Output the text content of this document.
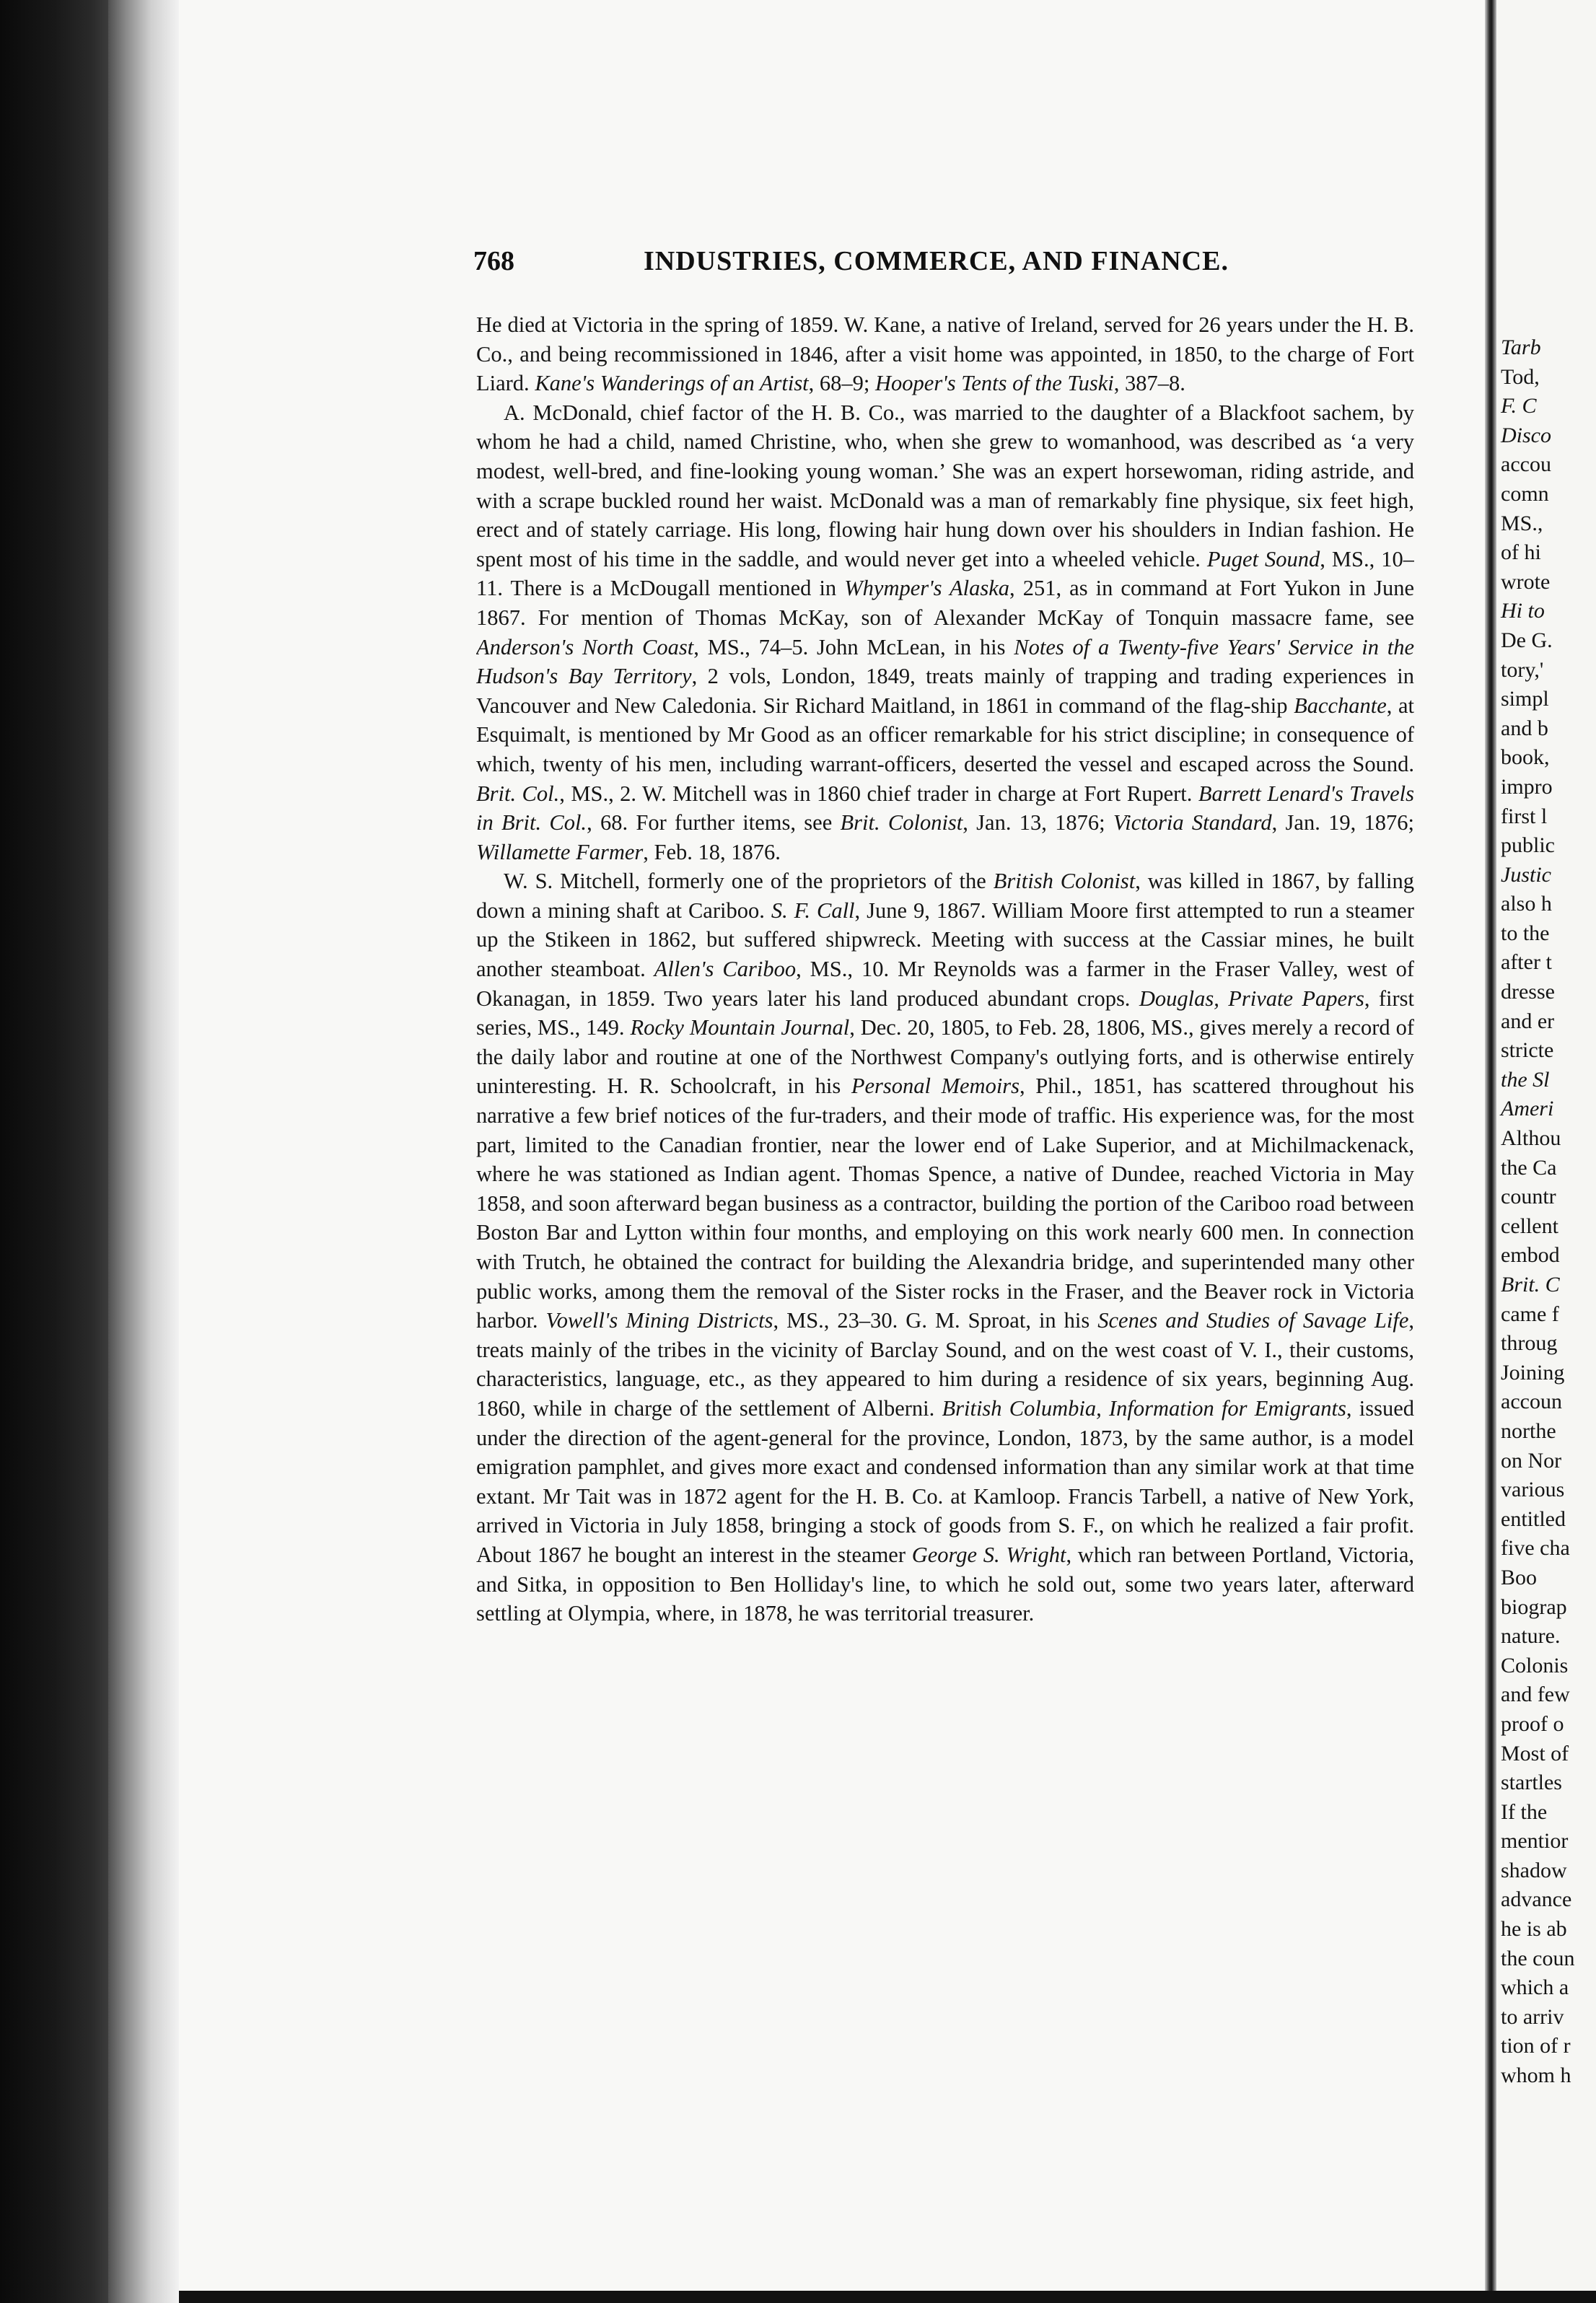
Tarb
Tod,
F. C
Disco
accou
comn
MS.,
of hi
wrote
Hi to
De G.
tory,'
simpl
and b
book,
impro
first l
public
Justic
also h
to the
after t
dresse
and er
stricte
the Sl
Ameri
Althou
the Ca
countr
cellent
embod
Brit. C
came f
throug
Joining
accoun
northe
on Nor
various
entitled
five cha
Boo
biograp
nature.
Colonis
and few
proof o
Most of
startles
If the
mentior
shadow
advance
he is ab
the coun
which a
to arriv
tion of r
whom h
768	INDUSTRIES, COMMERCE, AND FINANCE.

He died at Victoria in the spring of 1859. W. Kane, a native of Ireland, served for 26 years under the H. B. Co., and being recommissioned in 1846, after a visit home was appointed, in 1850, to the charge of Fort Liard. Kane's Wanderings of an Artist, 68–9; Hooper's Tents of the Tuski, 387–8.

A. McDonald, chief factor of the H. B. Co., was married to the daughter of a Blackfoot sachem, by whom he had a child, named Christine, who, when she grew to womanhood, was described as ‘a very modest, well-bred, and fine-looking young woman.’ She was an expert horsewoman, riding astride, and with a scrape buckled round her waist. McDonald was a man of remarkably fine physique, six feet high, erect and of stately carriage. His long, flowing hair hung down over his shoulders in Indian fashion. He spent most of his time in the saddle, and would never get into a wheeled vehicle. Puget Sound, MS., 10–11. There is a McDougall mentioned in Whymper's Alaska, 251, as in command at Fort Yukon in June 1867. For mention of Thomas McKay, son of Alexander McKay of Tonquin massacre fame, see Anderson's North Coast, MS., 74–5. John McLean, in his Notes of a Twenty-five Years' Service in the Hudson's Bay Territory, 2 vols, London, 1849, treats mainly of trapping and trading experiences in Vancouver and New Caledonia. Sir Richard Maitland, in 1861 in command of the flag-ship Bacchante, at Esquimalt, is mentioned by Mr Good as an officer remarkable for his strict discipline; in consequence of which, twenty of his men, including warrant-officers, deserted the vessel and escaped across the Sound. Brit. Col., MS., 2. W. Mitchell was in 1860 chief trader in charge at Fort Rupert. Barrett Lenard's Travels in Brit. Col., 68. For further items, see Brit. Colonist, Jan. 13, 1876; Victoria Standard, Jan. 19, 1876; Willamette Farmer, Feb. 18, 1876.

W. S. Mitchell, formerly one of the proprietors of the British Colonist, was killed in 1867, by falling down a mining shaft at Cariboo. S. F. Call, June 9, 1867. William Moore first attempted to run a steamer up the Stikeen in 1862, but suffered shipwreck. Meeting with success at the Cassiar mines, he built another steamboat. Allen's Cariboo, MS., 10. Mr Reynolds was a farmer in the Fraser Valley, west of Okanagan, in 1859. Two years later his land produced abundant crops. Douglas, Private Papers, first series, MS., 149. Rocky Mountain Journal, Dec. 20, 1805, to Feb. 28, 1806, MS., gives merely a record of the daily labor and routine at one of the Northwest Company's outlying forts, and is otherwise entirely uninteresting. H. R. Schoolcraft, in his Personal Memoirs, Phil., 1851, has scattered throughout his narrative a few brief notices of the fur-traders, and their mode of traffic. His experience was, for the most part, limited to the Canadian frontier, near the lower end of Lake Superior, and at Michilmackenack, where he was stationed as Indian agent. Thomas Spence, a native of Dundee, reached Victoria in May 1858, and soon afterward began business as a contractor, building the portion of the Cariboo road between Boston Bar and Lytton within four months, and employing on this work nearly 600 men. In connection with Trutch, he obtained the contract for building the Alexandria bridge, and superintended many other public works, among them the removal of the Sister rocks in the Fraser, and the Beaver rock in Victoria harbor. Vowell's Mining Districts, MS., 23–30. G. M. Sproat, in his Scenes and Studies of Savage Life, treats mainly of the tribes in the vicinity of Barclay Sound, and on the west coast of V. I., their customs, characteristics, language, etc., as they appeared to him during a residence of six years, beginning Aug. 1860, while in charge of the settlement of Alberni. British Columbia, Information for Emigrants, issued under the direction of the agent-general for the province, London, 1873, by the same author, is a model emigration pamphlet, and gives more exact and condensed information than any similar work at that time extant. Mr Tait was in 1872 agent for the H. B. Co. at Kamloop. Francis Tarbell, a native of New York, arrived in Victoria in July 1858, bringing a stock of goods from S. F., on which he realized a fair profit. About 1867 he bought an interest in the steamer George S. Wright, which ran between Portland, Victoria, and Sitka, in opposition to Ben Holliday's line, to which he sold out, some two years later, afterward settling at Olympia, where, in 1878, he was territorial treasurer.
